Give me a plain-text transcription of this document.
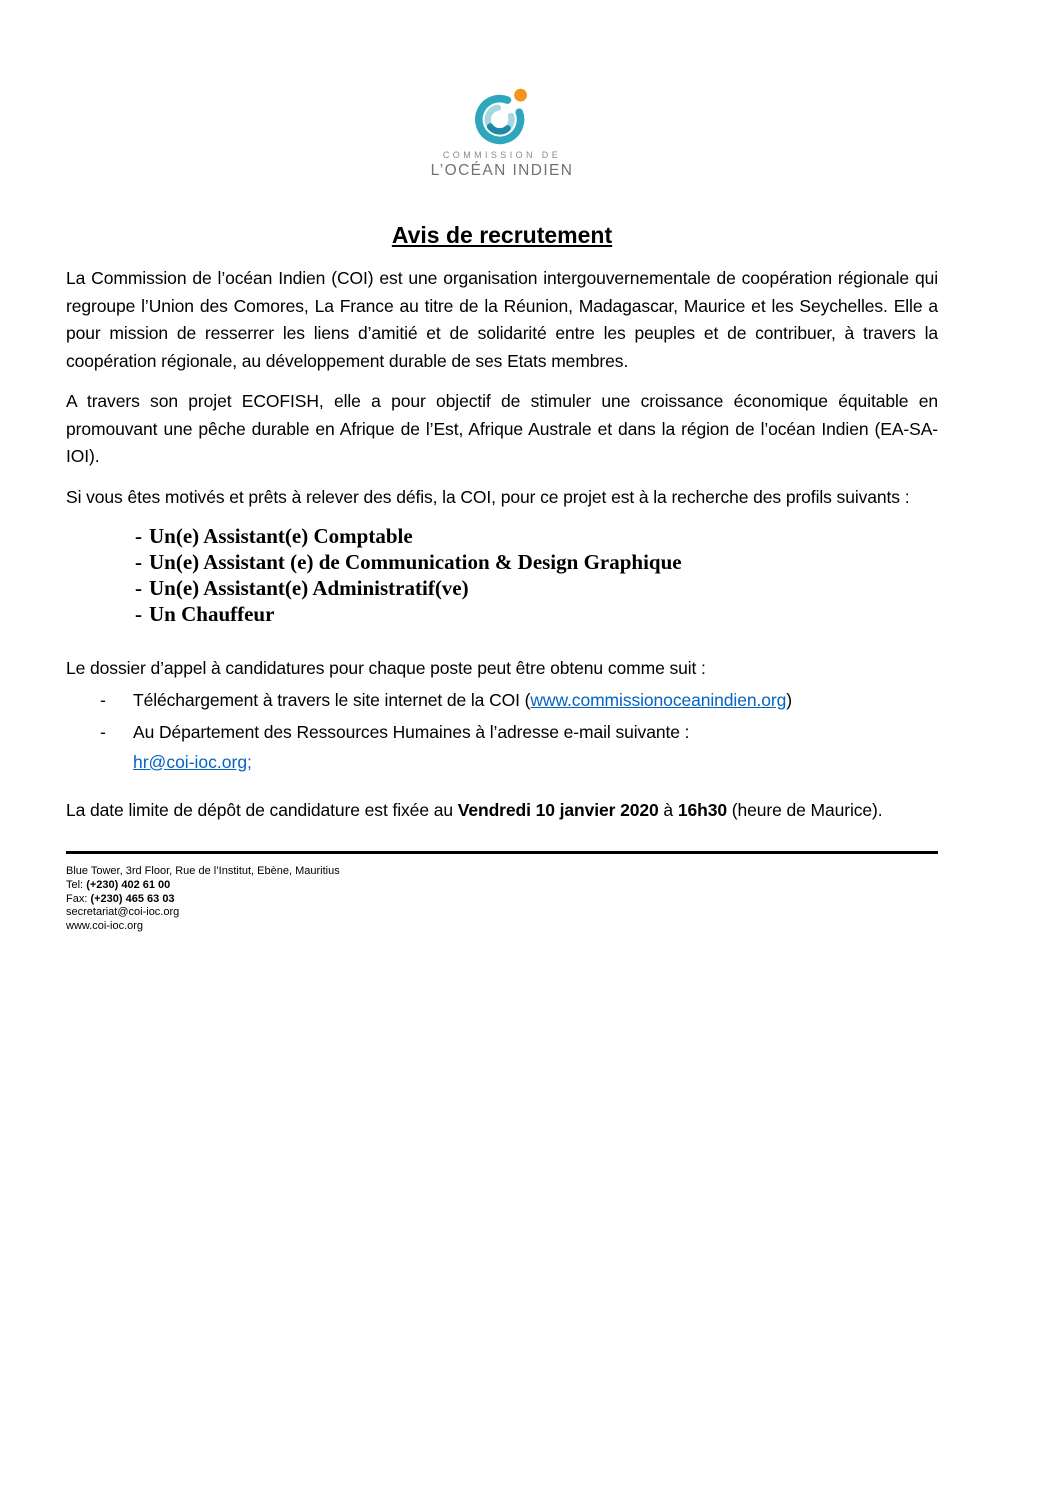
COMMISSION DE
L’OCÉAN INDIEN
Avis de recrutement

La Commission de l’océan Indien (COI) est une organisation intergouvernementale de coopération régionale qui regroupe l’Union des Comores, La France au titre de la Réunion, Madagascar, Maurice et les Seychelles. Elle a pour mission de resserrer les liens d’amitié et de solidarité entre les peuples et de contribuer, à travers la coopération régionale, au développement durable de ses Etats membres.

A travers son projet ECOFISH, elle a pour objectif de stimuler une croissance économique équitable en promouvant une pêche durable en Afrique de l’Est, Afrique Australe et dans la région de l’océan Indien (EA-SA-IOI).

Si vous êtes motivés et prêts à relever des défis, la COI, pour ce projet est à la recherche des profils suivants :

- Un(e) Assistant(e) Comptable
- Un(e) Assistant (e) de Communication & Design Graphique
- Un(e) Assistant(e) Administratif(ve)
- Un Chauffeur

Le dossier d’appel à candidatures pour chaque poste peut être obtenu comme suit :

-	Téléchargement à travers le site internet de la COI (www.commissionoceanindien.org)
-	Au Département des Ressources Humaines à l’adresse e-mail suivante :
hr@coi-ioc.org;

La date limite de dépôt de candidature est fixée au Vendredi 10 janvier 2020 à 16h30 (heure de Maurice).

Blue Tower, 3rd Floor, Rue de l’Institut, Ebène, Mauritius
Tel: (+230) 402 61 00
Fax: (+230) 465 63 03
secretariat@coi-ioc.org
www.coi-ioc.org
